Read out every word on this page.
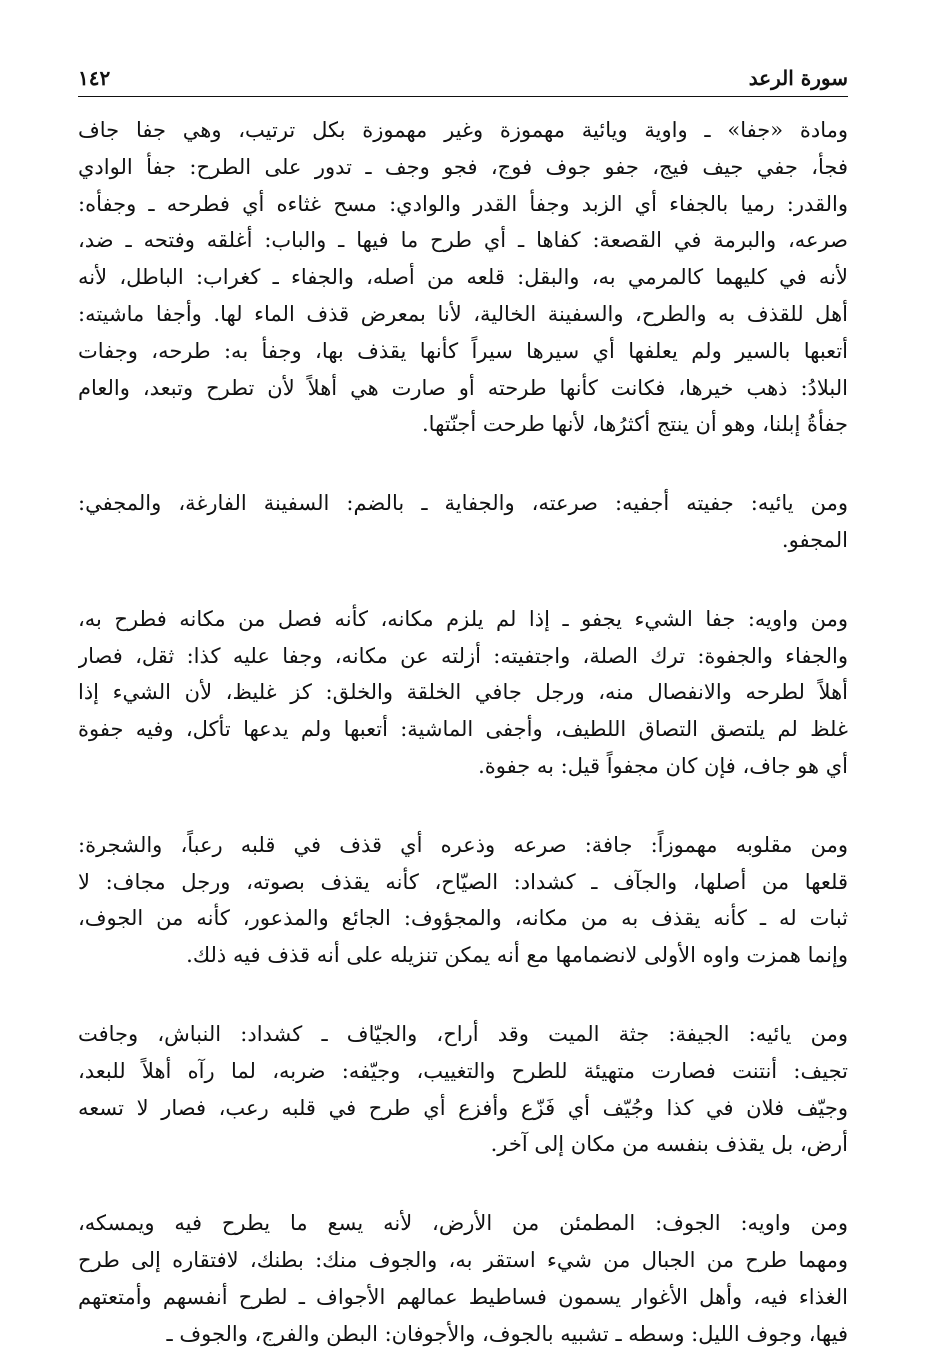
١٤٢	سورة الرعد
ومادة «جفا» ـ واوية ويائية مهموزة وغير مهموزة بكل ترتيب، وهي جفا جاف
فجأ، جفي جيف فيج، جفو جوف فوج، فجو وجف ـ تدور على الطرح: جفأ الوادي
والقدر: رميا بالجفاء أي الزبد وجفأ القدر والوادي: مسح غثاءه أي فطرحه ـ وجفأه:
صرعه، والبرمة في القصعة: كفاها ـ أي طرح ما فيها ـ والباب: أغلقه وفتحه ـ ضد،
لأنه في كليهما كالمرمي به، والبقل: قلعه من أصله، والجفاء ـ كغراب: الباطل، لأنه
أهل للقذف به والطرح، والسفينة الخالية، لأنا بمعرض قذف الماء لها. وأجفا ماشيته:
أتعبها بالسير ولم يعلفها أي سيرها سيراً كأنها يقذف بها، وجفأ به: طرحه، وجفات
البلادُ: ذهب خيرها، فكانت كأنها طرحته أو صارت هي أهلاً لأن تطرح وتبعد، والعام
جفأةُ إبلنا، وهو أن ينتج أكثرُها، لأنها طرحت أجنّتها.
ومن يائيه: جفيته أجفيه: صرعته، والجفاية ـ بالضم: السفينة الفارغة، والمجفي:
المجفو.
ومن واويه: جفا الشيء يجفو ـ إذا لم يلزم مكانه، كأنه فصل من مكانه فطرح به،
والجفاء والجفوة: ترك الصلة، واجتفيته: أزلته عن مكانه، وجفا عليه كذا: ثقل، فصار
أهلاً لطرحه والانفصال منه، ورجل جافي الخلقة والخلق: كز غليظ، لأن الشيء إذا
غلظ لم يلتصق التصاق اللطيف، وأجفى الماشية: أتعبها ولم يدعها تأكل، وفيه جفوة
أي هو جاف، فإن كان مجفواً قيل: به جفوة.
ومن مقلوبه مهموزاً: جافة: صرعه وذعره أي قذف في قلبه رعباً، والشجرة:
قلعها من أصلها، والجآف ـ كشداد: الصيّاح، كأنه يقذف بصوته، ورجل مجاف: لا
ثبات له ـ كأنه يقذف به من مكانه، والمجؤوف: الجائع والمذعور، كأنه من الجوف،
وإنما همزت واوه الأولى لانضمامها مع أنه يمكن تنزيله على أنه قذف فيه ذلك.
ومن يائيه: الجيفة: جثة الميت وقد أراح، والجيّاف ـ كشداد: النباش، وجافت
تجيف: أنتنت فصارت متهيئة للطرح والتغييب، وجيّفه: ضربه، لما رآه أهلاً للبعد،
وجيّف فلان في كذا وجُيّف أي فَزّع وأفزع أي طرح في قلبه رعب، فصار لا تسعه
أرض، بل يقذف بنفسه من مكان إلى آخر.
ومن واويه: الجوف: المطمئن من الأرض، لأنه يسع ما يطرح فيه ويمسكه،
ومهما طرح من الجبال من شيء استقر به، والجوف منك: بطنك، لافتقاره إلى طرح
الغذاء فيه، وأهل الأغوار يسمون فساطيط عمالهم الأجواف ـ لطرح أنفسهم وأمتعتهم
فيها، وجوف الليل: وسطه ـ تشبيه بالجوف، والأجوفان: البطن والفرج، والجوف ـ
